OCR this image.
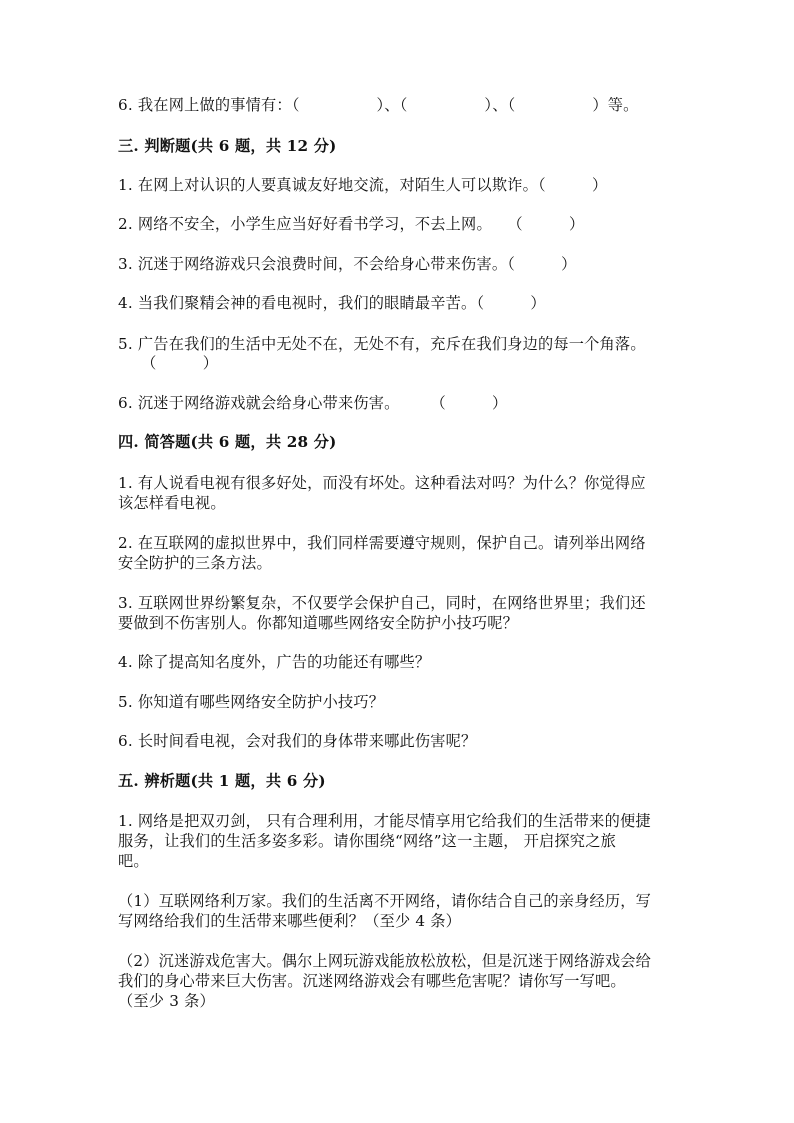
6. 我在网上做的事情有：（　　　　　）、（　　　　　）、（　　　　　）等。
三. 判断题(共 6 题，共 12 分)
1. 在网上对认识的人要真诚友好地交流，对陌生人可以欺诈。（　　　）
2. 网络不安全，小学生应当好好看书学习，不去上网。　　（　　　）
3. 沉迷于网络游戏只会浪费时间，不会给身心带来伤害。（　　　）
4. 当我们聚精会神的看电视时，我们的眼睛最辛苦。（　　　）
5. 广告在我们的生活中无处不在，无处不有，充斥在我们身边的每一个角落。
　　（　　　）
6. 沉迷于网络游戏就会给身心带来伤害。　　　（　　　）
四. 简答题(共 6 题，共 28 分)
1. 有人说看电视有很多好处，而没有坏处。这种看法对吗？为什么？你觉得应
该怎样看电视。
2. 在互联网的虚拟世界中，我们同样需要遵守规则，保护自己。请列举出网络
安全防护的三条方法。
3. 互联网世界纷繁复杂，不仅要学会保护自己，同时，在网络世界里；我们还
要做到不伤害别人。你都知道哪些网络安全防护小技巧呢？
4. 除了提高知名度外，广告的功能还有哪些？
5. 你知道有哪些网络安全防护小技巧？
6. 长时间看电视，会对我们的身体带来哪此伤害呢？
五. 辨析题(共 1 题，共 6 分)
1. 网络是把双刃剑， 只有合理利用，才能尽情享用它给我们的生活带来的便捷
服务，让我们的生活多姿多彩。请你围绕“网络”这一主题， 开启探究之旅
吧。
（1）互联网络利万家。我们的生活离不开网络，请你结合自己的亲身经历，写
写网络给我们的生活带来哪些便利？（至少 4 条）
（2）沉迷游戏危害大。偶尔上网玩游戏能放松放松，但是沉迷于网络游戏会给
我们的身心带来巨大伤害。沉迷网络游戏会有哪些危害呢？请你写一写吧。
（至少 3 条）
